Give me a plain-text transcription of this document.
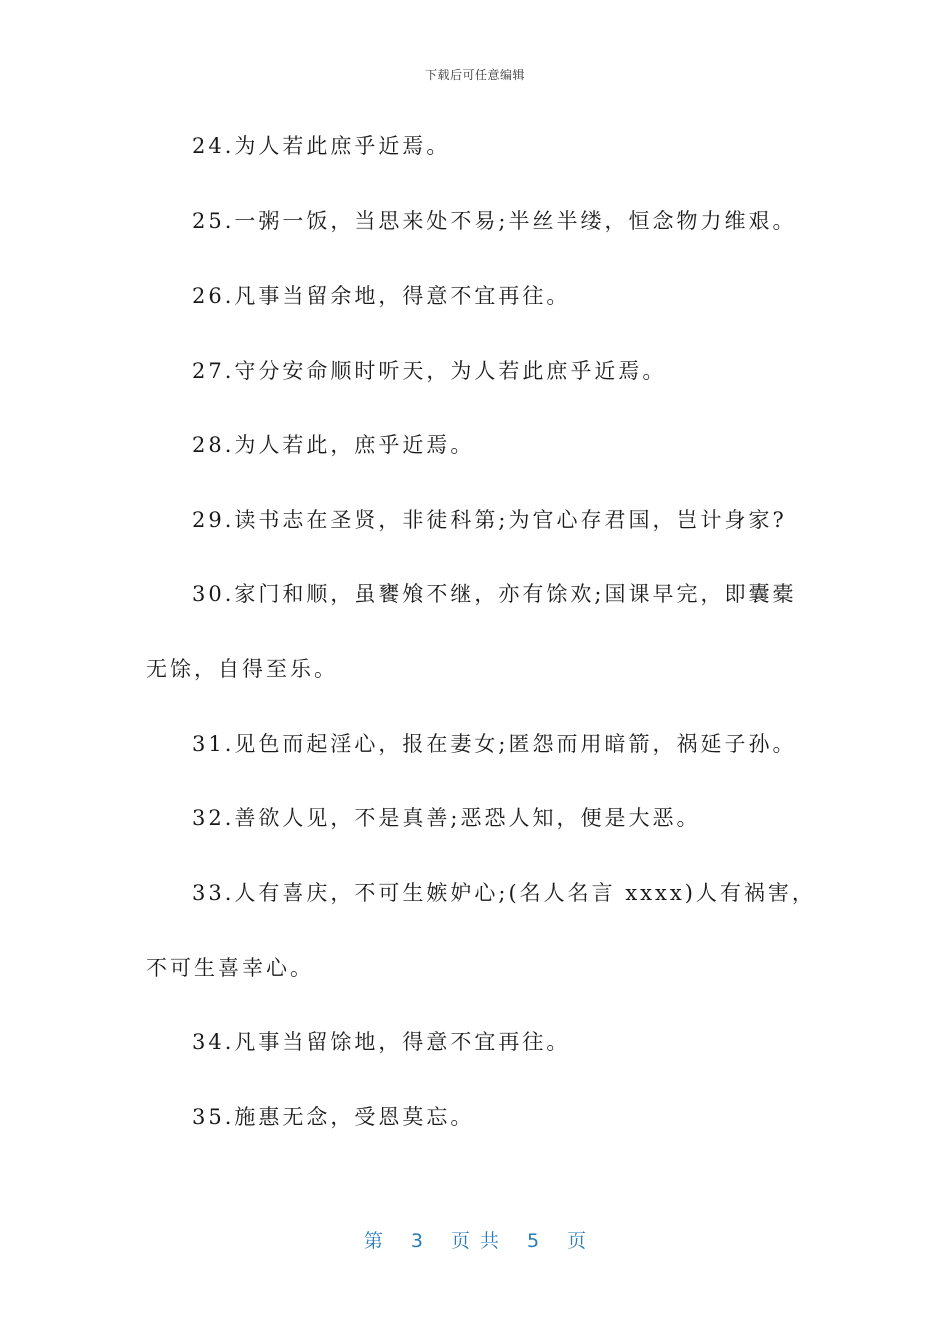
下载后可任意编辑
24.为人若此庶乎近焉。
25.一粥一饭，当思来处不易;半丝半缕，恒念物力维艰。
26.凡事当留余地，得意不宜再往。
27.守分安命顺时听天，为人若此庶乎近焉。
28.为人若此，庶乎近焉。
29.读书志在圣贤，非徒科第;为官心存君国，岂计身家?
30.家门和顺，虽饔飧不继，亦有馀欢;国课早完，即囊橐
无馀，自得至乐。
31.见色而起淫心，报在妻女;匿怨而用暗箭，祸延子孙。
32.善欲人见，不是真善;恶恐人知，便是大恶。
33.人有喜庆，不可生嫉妒心;(名人名言 xxxx)人有祸害，
不可生喜幸心。
34.凡事当留馀地，得意不宜再往。
35.施惠无念，受恩莫忘。
第 3 页共 5 页
